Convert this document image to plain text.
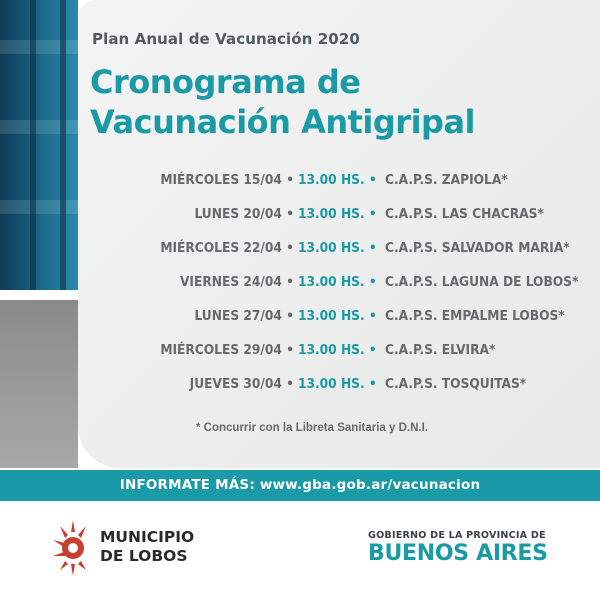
Plan Anual de Vacunación 2020
Cronograma de
Vacunación Antigripal
MIÉRCOLES 15/04 • 13.00 HS. • C.A.P.S. ZAPIOLA*
LUNES 20/04 • 13.00 HS. • C.A.P.S. LAS CHACRAS*
MIÉRCOLES 22/04 • 13.00 HS. • C.A.P.S. SALVADOR MARIA*
VIERNES 24/04 • 13.00 HS. • C.A.P.S. LAGUNA DE LOBOS*
LUNES 27/04 • 13.00 HS. • C.A.P.S. EMPALME LOBOS*
MIÉRCOLES 29/04 • 13.00 HS. • C.A.P.S. ELVIRA*
JUEVES 30/04 • 13.00 HS. • C.A.P.S. TOSQUITAS*
* Concurrir con la Libreta Sanitaria y D.N.I.
INFORMATE MÁS: www.gba.gob.ar/vacunacion
MUNICIPIO
DE LOBOS
GOBIERNO DE LA PROVINCIA DE
BUENOS AIRES
